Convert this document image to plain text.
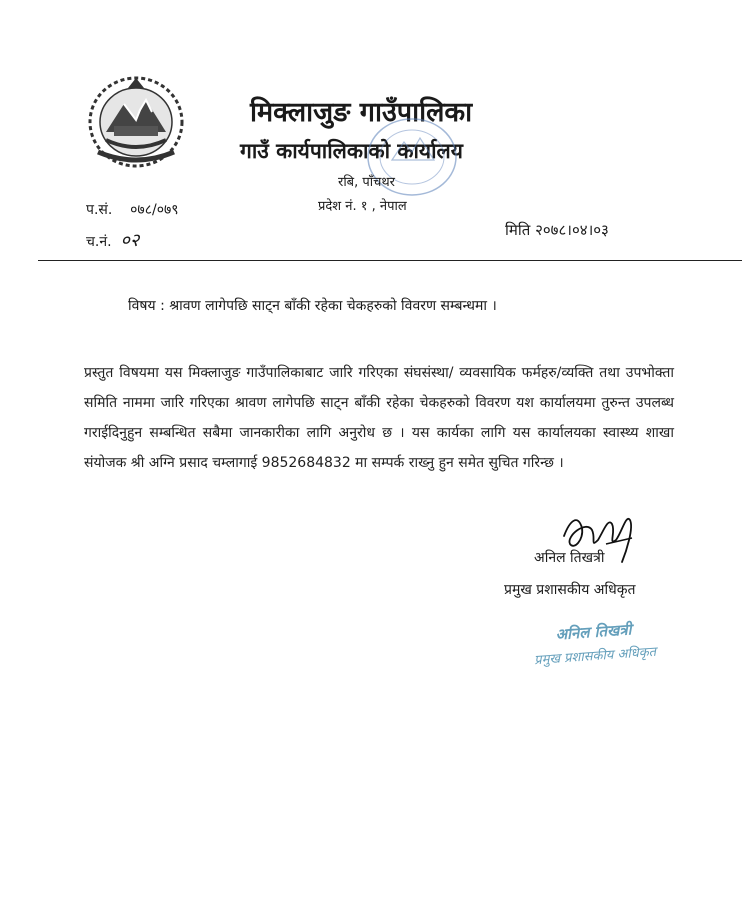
मिक्लाजुङ गाउँपालिका
गाउँ कार्यपालिकाको कार्यालय
रबि, पाँचथर
प्रदेश नं. १ , नेपाल
प.सं. ०७८/०७९
च.नं. ०२	मिति २०७८।०४।०३
विषय : श्रावण लागेपछि साट्न बाँकी रहेका चेकहरुको विवरण सम्बन्धमा ।
प्रस्तुत विषयमा यस मिक्लाजुङ गाउँपालिकाबाट जारि गरिएका संघसंस्था/ व्यवसायिक फर्महरु/व्यक्ति तथा उपभोक्ता समिति नाममा जारि गरिएका श्रावण लागेपछि साट्न बाँकी रहेका चेकहरुको विवरण यश कार्यालयमा तुरुन्त उपलब्ध गराईदिनुहुन सम्बन्धित सबैमा जानकारीका लागि अनुरोध छ । यस कार्यका लागि यस कार्यालयका स्वास्थ्य शाखा संयोजक श्री अग्नि प्रसाद चम्लागाई 9852684832 मा सम्पर्क राख्नु हुन समेत सुचित गरिन्छ ।
अनिल तिखत्री
प्रमुख प्रशासकीय अधिकृत
अनिल तिखत्री
प्रमुख प्रशासकीय अधिकृत
